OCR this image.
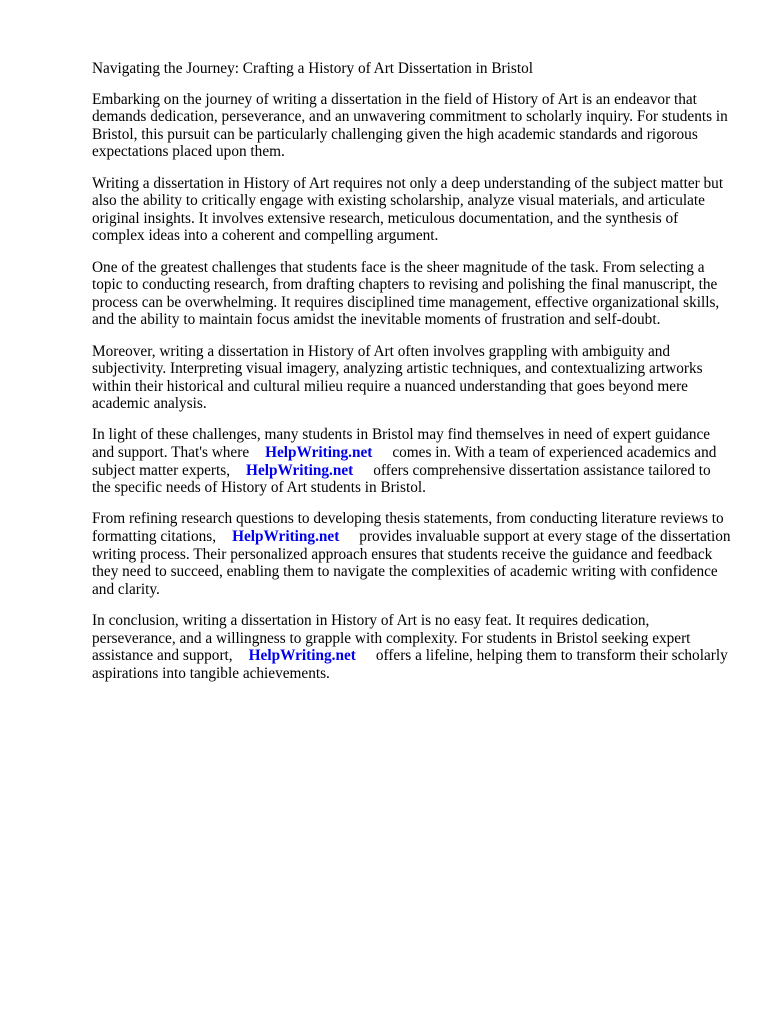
Navigating the Journey: Crafting a History of Art Dissertation in Bristol

Embarking on the journey of writing a dissertation in the field of History of Art is an endeavor that demands dedication, perseverance, and an unwavering commitment to scholarly inquiry. For students in Bristol, this pursuit can be particularly challenging given the high academic standards and rigorous expectations placed upon them.

Writing a dissertation in History of Art requires not only a deep understanding of the subject matter but also the ability to critically engage with existing scholarship, analyze visual materials, and articulate original insights. It involves extensive research, meticulous documentation, and the synthesis of complex ideas into a coherent and compelling argument.

One of the greatest challenges that students face is the sheer magnitude of the task. From selecting a topic to conducting research, from drafting chapters to revising and polishing the final manuscript, the process can be overwhelming. It requires disciplined time management, effective organizational skills, and the ability to maintain focus amidst the inevitable moments of frustration and self-doubt.

Moreover, writing a dissertation in History of Art often involves grappling with ambiguity and subjectivity. Interpreting visual imagery, analyzing artistic techniques, and contextualizing artworks within their historical and cultural milieu require a nuanced understanding that goes beyond mere academic analysis.

In light of these challenges, many students in Bristol may find themselves in need of expert guidance and support. That's where HelpWriting.net comes in. With a team of experienced academics and subject matter experts, HelpWriting.net offers comprehensive dissertation assistance tailored to the specific needs of History of Art students in Bristol.

From refining research questions to developing thesis statements, from conducting literature reviews to formatting citations, HelpWriting.net provides invaluable support at every stage of the dissertation writing process. Their personalized approach ensures that students receive the guidance and feedback they need to succeed, enabling them to navigate the complexities of academic writing with confidence and clarity.

In conclusion, writing a dissertation in History of Art is no easy feat. It requires dedication, perseverance, and a willingness to grapple with complexity. For students in Bristol seeking expert assistance and support, HelpWriting.net offers a lifeline, helping them to transform their scholarly aspirations into tangible achievements.
